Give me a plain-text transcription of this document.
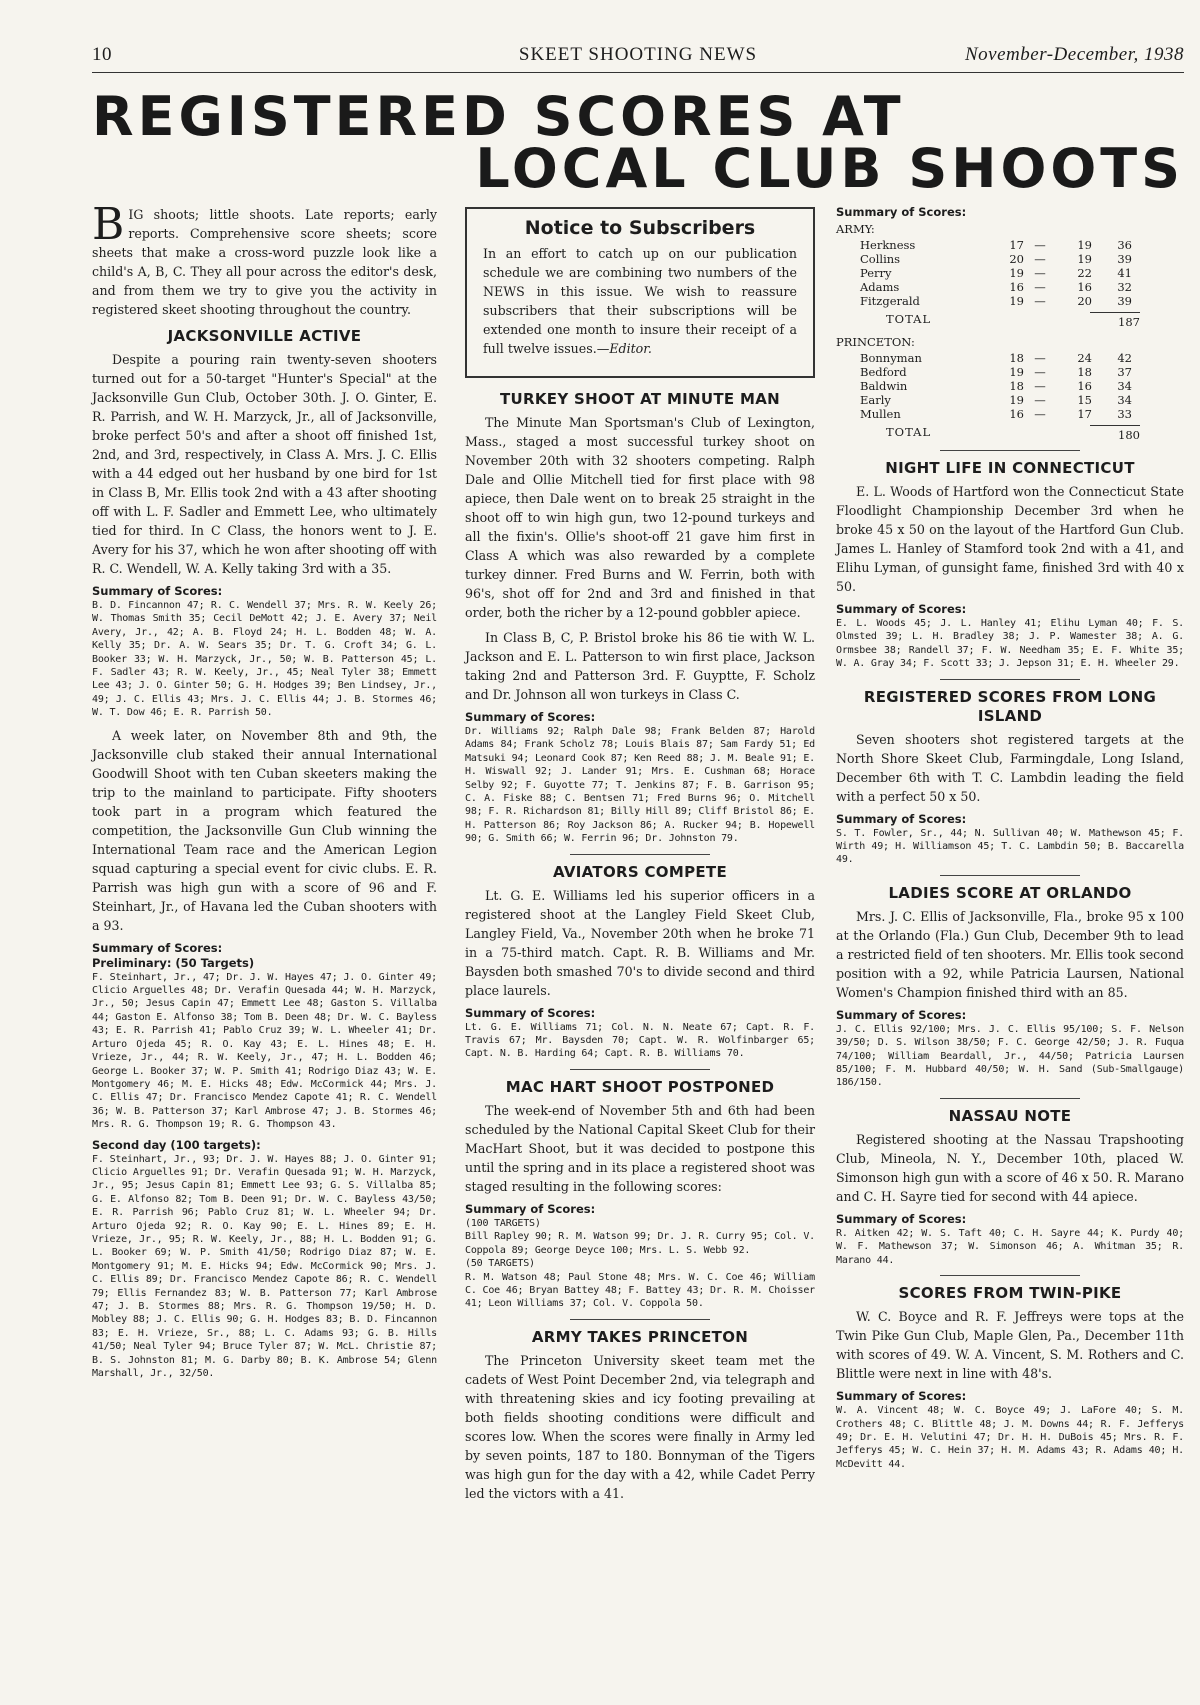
10	SKEET SHOOTING NEWS	November-December, 1938
REGISTERED SCORES AT
LOCAL CLUB SHOOTS

BIG shoots; little shoots. Late reports; early reports. Comprehensive score sheets; score sheets that make a cross-word puzzle look like a child's A, B, C. They all pour across the editor's desk, and from them we try to give you the activity in registered skeet shooting throughout the country.

JACKSONVILLE ACTIVE

Despite a pouring rain twenty-seven shooters turned out for a 50-target "Hunter's Special" at the Jacksonville Gun Club, October 30th. J. O. Ginter, E. R. Parrish, and W. H. Marzyck, Jr., all of Jacksonville, broke perfect 50's and after a shoot off finished 1st, 2nd, and 3rd, respectively, in Class A. Mrs. J. C. Ellis with a 44 edged out her husband by one bird for 1st in Class B, Mr. Ellis took 2nd with a 43 after shooting off with L. F. Sadler and Emmett Lee, who ultimately tied for third. In C Class, the honors went to J. E. Avery for his 37, which he won after shooting off with R. C. Wendell, W. A. Kelly taking 3rd with a 35.

Summary of Scores:
B. D. Fincannon 47; R. C. Wendell 37; Mrs. R. W. Keely 26; W. Thomas Smith 35; Cecil DeMott 42; J. E. Avery 37; Neil Avery, Jr., 42; A. B. Floyd 24; H. L. Bodden 48; W. A. Kelly 35; Dr. A. W. Sears 35; Dr. T. G. Croft 34; G. L. Booker 33; W. H. Marzyck, Jr., 50; W. B. Patterson 45; L. F. Sadler 43; R. W. Keely, Jr., 45; Neal Tyler 38; Emmett Lee 43; J. O. Ginter 50; G. H. Hodges 39; Ben Lindsey, Jr., 49; J. C. Ellis 43; Mrs. J. C. Ellis 44; J. B. Stormes 46; W. T. Dow 46; E. R. Parrish 50.

A week later, on November 8th and 9th, the Jacksonville club staked their annual International Goodwill Shoot with ten Cuban skeeters making the trip to the mainland to participate. Fifty shooters took part in a program which featured the competition, the Jacksonville Gun Club winning the International Team race and the American Legion squad capturing a special event for civic clubs. E. R. Parrish was high gun with a score of 96 and F. Steinhart, Jr., of Havana led the Cuban shooters with a 93.

Summary of Scores:
Preliminary: (50 Targets)
F. Steinhart, Jr., 47; Dr. J. W. Hayes 47; J. O. Ginter 49; Clicio Arguelles 48; Dr. Verafin Quesada 44; W. H. Marzyck, Jr., 50; Jesus Capin 47; Emmett Lee 48; Gaston S. Villalba 44; Gaston E. Alfonso 38; Tom B. Deen 48; Dr. W. C. Bayless 43; E. R. Parrish 41; Pablo Cruz 39; W. L. Wheeler 41; Dr. Arturo Ojeda 45; R. O. Kay 43; E. L. Hines 48; E. H. Vrieze, Jr., 44; R. W. Keely, Jr., 47; H. L. Bodden 46; George L. Booker 37; W. P. Smith 41; Rodrigo Diaz 43; W. E. Montgomery 46; M. E. Hicks 48; Edw. McCormick 44; Mrs. J. C. Ellis 47; Dr. Francisco Mendez Capote 41; R. C. Wendell 36; W. B. Patterson 37; Karl Ambrose 47; J. B. Stormes 46; Mrs. R. G. Thompson 19; R. G. Thompson 43.
Second day (100 targets):
F. Steinhart, Jr., 93; Dr. J. W. Hayes 88; J. O. Ginter 91; Clicio Arguelles 91; Dr. Verafin Quesada 91; W. H. Marzyck, Jr., 95; Jesus Capin 81; Emmett Lee 93; G. S. Villalba 85; G. E. Alfonso 82; Tom B. Deen 91; Dr. W. C. Bayless 43/50; E. R. Parrish 96; Pablo Cruz 81; W. L. Wheeler 94; Dr. Arturo Ojeda 92; R. O. Kay 90; E. L. Hines 89; E. H. Vrieze, Jr., 95; R. W. Keely, Jr., 88; H. L. Bodden 91; G. L. Booker 69; W. P. Smith 41/50; Rodrigo Diaz 87; W. E. Montgomery 91; M. E. Hicks 94; Edw. McCormick 90; Mrs. J. C. Ellis 89; Dr. Francisco Mendez Capote 86; R. C. Wendell 79; Ellis Fernandez 83; W. B. Patterson 77; Karl Ambrose 47; J. B. Stormes 88; Mrs. R. G. Thompson 19/50; H. D. Mobley 88; J. C. Ellis 90; G. H. Hodges 83; B. D. Fincannon 83; E. H. Vrieze, Sr., 88; L. C. Adams 93; G. B. Hills 41/50; Neal Tyler 94; Bruce Tyler 87; W. McL. Christie 87; B. S. Johnston 81; M. G. Darby 80; B. K. Ambrose 54; Glenn Marshall, Jr., 32/50.
Notice to Subscribers

In an effort to catch up on our publication schedule we are combining two numbers of the NEWS in this issue. We wish to reassure subscribers that their subscriptions will be extended one month to insure their receipt of a full twelve issues.—Editor.

TURKEY SHOOT AT MINUTE MAN

The Minute Man Sportsman's Club of Lexington, Mass., staged a most successful turkey shoot on November 20th with 32 shooters competing. Ralph Dale and Ollie Mitchell tied for first place with 98 apiece, then Dale went on to break 25 straight in the shoot off to win high gun, two 12-pound turkeys and all the fixin's. Ollie's shoot-off 21 gave him first in Class A which was also rewarded by a complete turkey dinner. Fred Burns and W. Ferrin, both with 96's, shot off for 2nd and 3rd and finished in that order, both the richer by a 12-pound gobbler apiece.

In Class B, C, P. Bristol broke his 86 tie with W. L. Jackson and E. L. Patterson to win first place, Jackson taking 2nd and Patterson 3rd. F. Guyptte, F. Scholz and Dr. Johnson all won turkeys in Class C.

Summary of Scores:
Dr. Williams 92; Ralph Dale 98; Frank Belden 87; Harold Adams 84; Frank Scholz 78; Louis Blais 87; Sam Fardy 51; Ed Matsuki 94; Leonard Cook 87; Ken Reed 88; J. M. Beale 91; E. H. Wiswall 92; J. Lander 91; Mrs. E. Cushman 68; Horace Selby 92; F. Guyotte 77; T. Jenkins 87; F. B. Garrison 95; C. A. Fiske 88; C. Bentsen 71; Fred Burns 96; O. Mitchell 98; F. R. Richardson 81; Billy Hill 89; Cliff Bristol 86; E. H. Patterson 86; Roy Jackson 86; A. Rucker 94; B. Hopewell 90; G. Smith 66; W. Ferrin 96; Dr. Johnston 79.
AVIATORS COMPETE

Lt. G. E. Williams led his superior officers in a registered shoot at the Langley Field Skeet Club, Langley Field, Va., November 20th when he broke 71 in a 75-third match. Capt. R. B. Williams and Mr. Baysden both smashed 70's to divide second and third place laurels.

Summary of Scores:
Lt. G. E. Williams 71; Col. N. N. Neate 67; Capt. R. F. Travis 67; Mr. Baysden 70; Capt. W. R. Wolfinbarger 65; Capt. N. B. Harding 64; Capt. R. B. Williams 70.
MAC HART SHOOT POSTPONED

The week-end of November 5th and 6th had been scheduled by the National Capital Skeet Club for their MacHart Shoot, but it was decided to postpone this until the spring and in its place a registered shoot was staged resulting in the following scores:

Summary of Scores:
(100 TARGETS)
Bill Rapley 90; R. M. Watson 99; Dr. J. R. Curry 95; Col. V. Coppola 89; George Deyce 100; Mrs. L. S. Webb 92.
(50 TARGETS)
R. M. Watson 48; Paul Stone 48; Mrs. W. C. Coe 46; William C. Coe 46; Bryan Battey 48; F. Battey 43; Dr. R. M. Choisser 41; Leon Williams 37; Col. V. Coppola 50.
ARMY TAKES PRINCETON

The Princeton University skeet team met the cadets of West Point December 2nd, via telegraph and with threatening skies and icy footing prevailing at both fields shooting conditions were difficult and scores low. When the scores were finally in Army led by seven points, 187 to 180. Bonnyman of the Tigers was high gun for the day with a 42, while Cadet Perry led the victors with a 41.

Summary of Scores:
ARMY:
Herkness	17 —	19	36
Collins	20 —	19	39
Perry	19 —	22	41
Adams	16 —	16	32
Fitzgerald	19 —	20	39
TOTAL	187
PRINCETON:
Bonnyman	18 —	24	42
Bedford	19 —	18	37
Baldwin	18 —	16	34
Early	19 —	15	34
Mullen	16 —	17	33
TOTAL	180
NIGHT LIFE IN CONNECTICUT

E. L. Woods of Hartford won the Connecticut State Floodlight Championship December 3rd when he broke 45 x 50 on the layout of the Hartford Gun Club. James L. Hanley of Stamford took 2nd with a 41, and Elihu Lyman, of gunsight fame, finished 3rd with 40 x 50.

Summary of Scores:
E. L. Woods 45; J. L. Hanley 41; Elihu Lyman 40; F. S. Olmsted 39; L. H. Bradley 38; J. P. Wamester 38; A. G. Ormsbee 38; Randell 37; F. W. Needham 35; E. F. White 35; W. A. Gray 34; F. Scott 33; J. Jepson 31; E. H. Wheeler 29.
REGISTERED SCORES FROM LONG ISLAND

Seven shooters shot registered targets at the North Shore Skeet Club, Farmingdale, Long Island, December 6th with T. C. Lambdin leading the field with a perfect 50 x 50.

Summary of Scores:
S. T. Fowler, Sr., 44; N. Sullivan 40; W. Mathewson 45; F. Wirth 49; H. Williamson 45; T. C. Lambdin 50; B. Baccarella 49.
LADIES SCORE AT ORLANDO

Mrs. J. C. Ellis of Jacksonville, Fla., broke 95 x 100 at the Orlando (Fla.) Gun Club, December 9th to lead a restricted field of ten shooters. Mr. Ellis took second position with a 92, while Patricia Laursen, National Women's Champion finished third with an 85.

Summary of Scores:
J. C. Ellis 92/100; Mrs. J. C. Ellis 95/100; S. F. Nelson 39/50; D. S. Wilson 38/50; F. C. George 42/50; J. R. Fuqua 74/100; William Beardall, Jr., 44/50; Patricia Laursen 85/100; F. M. Hubbard 40/50; W. H. Sand (Sub-Smallgauge) 186/150.
NASSAU NOTE

Registered shooting at the Nassau Trapshooting Club, Mineola, N. Y., December 10th, placed W. Simonson high gun with a score of 46 x 50. R. Marano and C. H. Sayre tied for second with 44 apiece.

Summary of Scores:
R. Aitken 42; W. S. Taft 40; C. H. Sayre 44; K. Purdy 40; W. F. Mathewson 37; W. Simonson 46; A. Whitman 35; R. Marano 44.
SCORES FROM TWIN-PIKE

W. C. Boyce and R. F. Jeffreys were tops at the Twin Pike Gun Club, Maple Glen, Pa., December 11th with scores of 49. W. A. Vincent, S. M. Rothers and C. Blittle were next in line with 48's.

Summary of Scores:
W. A. Vincent 48; W. C. Boyce 49; J. LaFore 40; S. M. Crothers 48; C. Blittle 48; J. M. Downs 44; R. F. Jefferys 49; Dr. E. H. Velutini 47; Dr. H. H. DuBois 45; Mrs. R. F. Jefferys 45; W. C. Hein 37; H. M. Adams 43; R. Adams 40; H. McDevitt 44.
